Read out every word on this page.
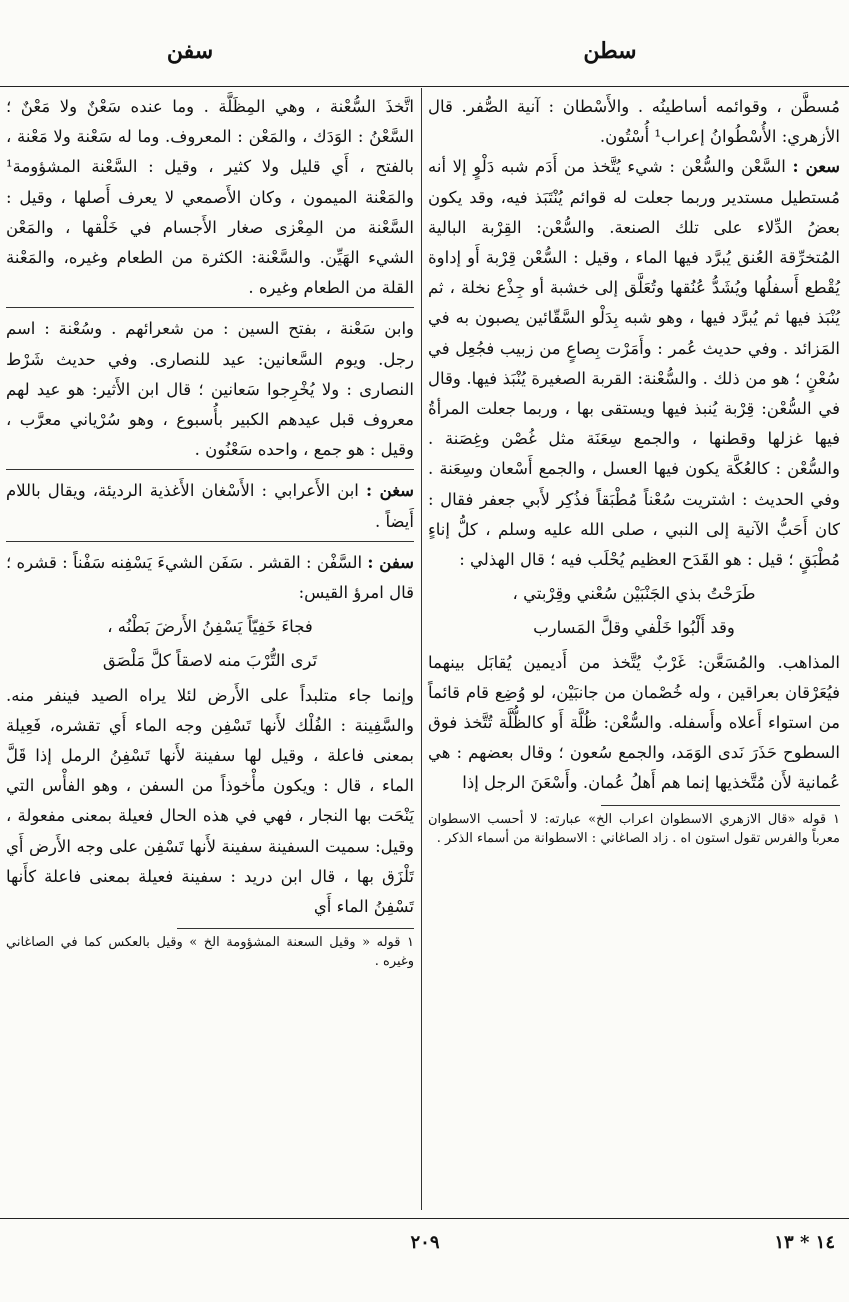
سطن
سفن

مُسطَّن ، وقوائمه أساطينُه . والأَسْطان : آنية الصُّفر. قال الأزهري: الأُسْطُوانُ إعراب¹ أُسْتُون.

سعن : السَّعْن والسُّعْن : شيء يُتَّخذ من أَدَم شبه دَلْوٍ إلا أنه مُستطيل مستدير وربما جعلت له قوائم يُنْتَبَذ فيه، وقد يكون بعضُ الدِّلاء على تلك الصنعة. والسُّعْن: القِرْبة البالية المُتخرِّقة العُنق يُبرَّد فيها الماء ، وقيل : السُّعْن قِرْبة أَو إداوة يُقْطع أَسفلُها ويُشَدُّ عُنُقها وتُعَلَّق إلى خشبة أو جِذْع نخلة ، ثم يُنْبَذ فيها ثم يُبرَّد فيها ، وهو شبه بِدَلْو السَّقّائين يصبون به في المَزائد . وفي حديث عُمر : وأَمَرْت بِصاعٍ من زبيب فجُعِل في سُعْنٍ ؛ هو من ذلك . والسُّعْنة: القربة الصغيرة يُنْبَذ فيها. وقال في السُّعْن: قِرْبة يُنبذ فيها ويستقى بها ، وربما جعلت المرأةُ فيها غزلها وقطنها ، والجمع سِعَنَة مثل غُصْن وغِصَنة . والسُّعْن : كالعُكَّة يكون فيها العسل ، والجمع أَسْعان وسِعَنة . وفي الحديث : اشتريت سُعْناً مُطْبَقاً فذُكِر لأَبي جعفر فقال : كان أَحَبُّ الآنية إلى النبي ، صلى الله عليه وسلم ، كلُّ إناءٍ مُطْبَقٍ ؛ قيل : هو القَدَح العظيم يُحْلَب فيه ؛ قال الهذلي :

طَرَحْتُ بذي الجَنْبَيْن سُعْني وقِرْبتي ،
وقد أَلْبُوا خَلْفي وقلَّ المَسارب

المذاهب. والمُسَعَّن: غَرْبٌ يُتَّخذ من أَديمين يُقابَل بينهما فيُعَرْقان بعراقين ، وله خُصْمان من جانبَيْن، لو وُضِع قام قائماً من استواء أَعلاه وأَسفله. والسُّعْن: ظُلَّة أَو كالظُّلَّة تُتَّخذ فوق السطوح حَذَرَ نَدى الوَمَد، والجمع سُعون ؛ وقال بعضهم : هي عُمانية لأَن مُتَّخذيها إنما هم أَهلُ عُمان. وأَسْعَنَ الرجل إذا

١ قوله «قال الازهري الاسطوان اعراب الخ» عبارته: لا أحسب الاسطوان معرباً والفرس تقول استون اه . زاد الصاغاني : الاسطوانة من أسماء الذكر .

اتَّخذَ السُّعْنة ، وهي المِظَلَّة . وما عنده سَعْنٌ ولا مَعْنٌ ؛ السَّعْنُ : الوَدَك ، والمَعْن : المعروف. وما له سَعْنة ولا مَعْنة ، بالفتح ، أَي قليل ولا كثير ، وقيل : السَّعْنة المشؤومة¹ والمَعْنة الميمون ، وكان الأَصمعي لا يعرف أَصلها ، وقيل : السَّعْنة من المِعْزى صغار الأَجسام في خَلْقها ، والمَعْن الشيء الهَيِّن. والسَّعْنة: الكثرة من الطعام وغيره، والمَعْنة القلة من الطعام وغيره .

وابن سَعْنة ، بفتح السين : من شعرائهم . وسُعْنة : اسم رجل. ويوم السَّعانين: عيد للنصارى. وفي حديث شَرْط النصارى : ولا يُخْرِجوا سَعانين ؛ قال ابن الأَثير: هو عيد لهم معروف قبل عيدهم الكبير بأُسبوع ، وهو سُرْياني معرَّب ، وقيل : هو جمع ، واحده سَعْنُون .

سغن : ابن الأَعرابي : الأَسْغان الأَغذية الرديئة، ويقال باللام أَيضاً .

سفن : السَّفْن : القشر . سَفَن الشيءَ يَسْفِنه سَفْناً : قشره ؛ قال امرؤ القيس:

فجاءَ خَفِيّاً يَسْفِنُ الأَرضَ بَطْنُه ،
تَرى التُّرْبَ منه لاصقاً كلَّ مَلْصَق

وإنما جاء متلبداً على الأَرض لئلا يراه الصيد فينفر منه. والسَّفِينة : الفُلْك لأَنها تَسْفِن وجه الماء أَي تقشره، فَعِيلة بمعنى فاعلة ، وقيل لها سفينة لأَنها تَسْفِنُ الرمل إذا قَلَّ الماء ، قال : ويكون مأْخوذاً من السفن ، وهو الفأْس التي يَنْحَت بها النجار ، فهي في هذه الحال فعيلة بمعنى مفعولة ، وقيل: سميت السفينة سفينة لأَنها تَسْفِن على وجه الأَرض أَي تَلْزَق بها ، قال ابن دريد : سفينة فعيلة بمعنى فاعلة كأَنها تَسْفِنُ الماء أَي

١ قوله « وقيل السعنة المشؤومة الخ » وقيل بالعكس كما في الصاغاني وغيره .

٢٠٩	١٤ * ١٣
